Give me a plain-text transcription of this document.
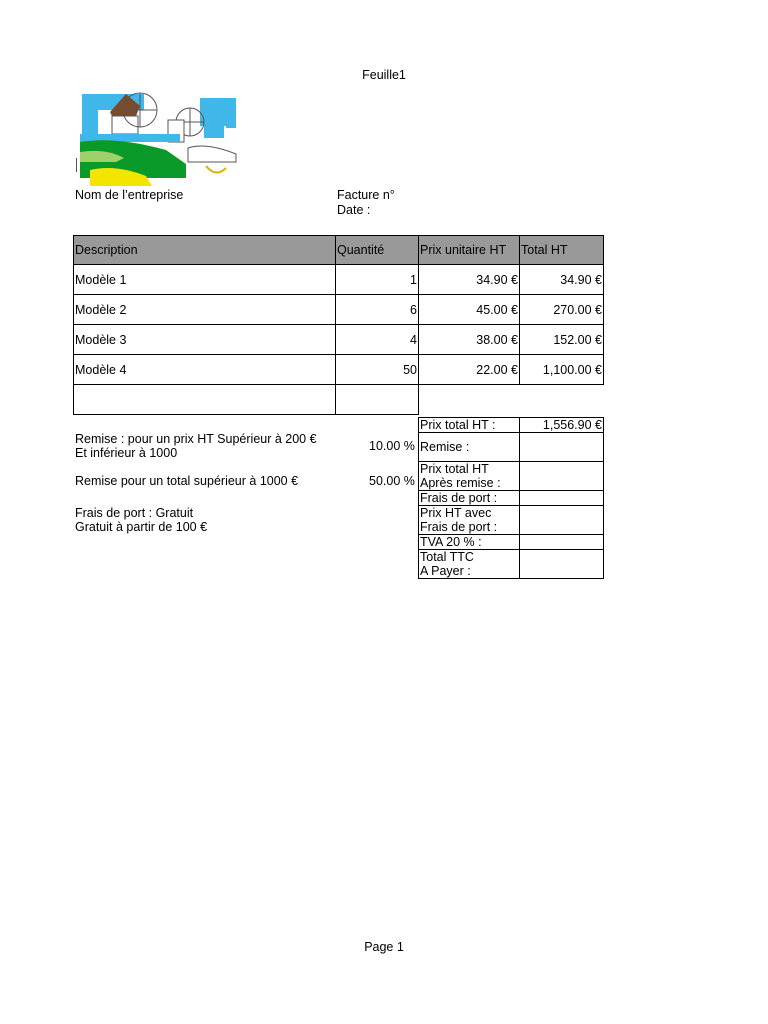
Feuille1
Nom de l’entreprise	Facture n°
Date :
Description	Quantité	Prix unitaire HT	Total HT
Modèle 1	1	34.90 €	34.90 €
Modèle 2	6	45.00 €	270.00 €
Modèle 3	4	38.00 €	152.00 €
Modèle 4	50	22.00 €	1,100.00 €

Remise : pour un prix HT Supérieur à 200 €
Et inférieur à 1000	10.00 %
Remise pour un total supérieur à 1000 €	50.00 %
Frais de port : Gratuit
Gratuit à partir de 100 €
Prix total HT :	1,556.90 €
Remise :	

Prix total HT
Après remise :	

Frais de port :	

Prix HT avec
Frais de port :	

TVA 20 % :	

Total TTC
A Payer :	

Page 1
